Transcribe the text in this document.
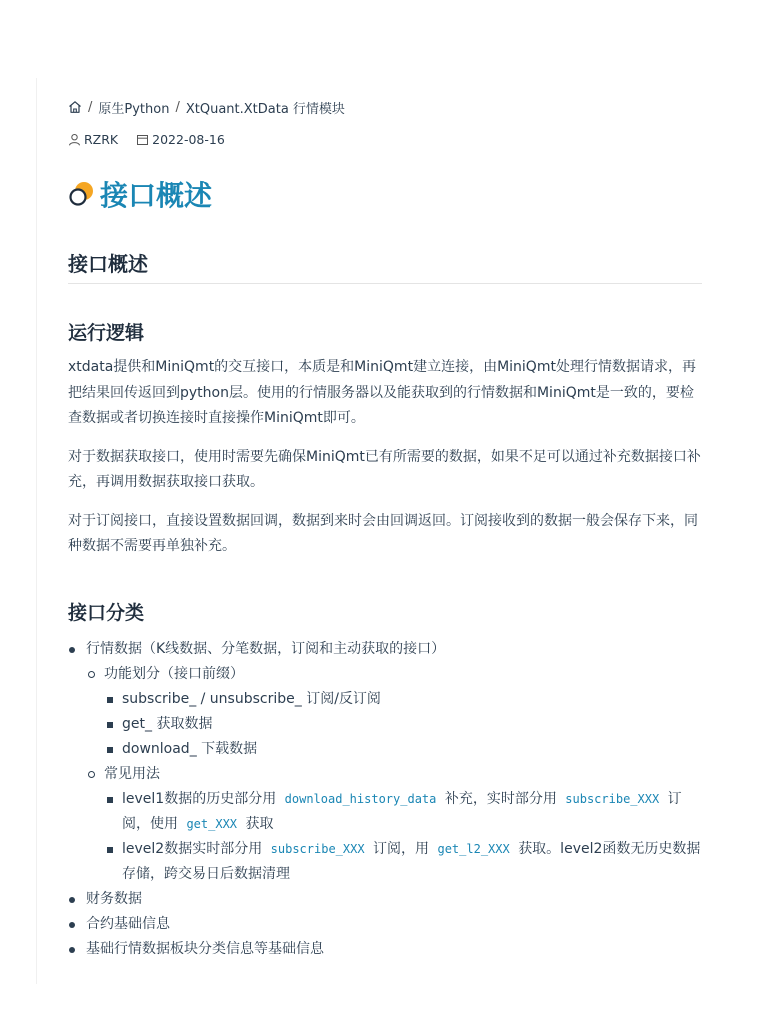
/ 原生Python / XtQuant.XtData 行情模块
RZRK	2022-08-16
接口概述
接口概述
运行逻辑

xtdata提供和MiniQmt的交互接口，本质是和MiniQmt建立连接，由MiniQmt处理行情数据请求，再把结果回传返回到python层。使用的行情服务器以及能获取到的行情数据和MiniQmt是一致的，要检查数据或者切换连接时直接操作MiniQmt即可。

对于数据获取接口，使用时需要先确保MiniQmt已有所需要的数据，如果不足可以通过补充数据接口补充，再调用数据获取接口获取。

对于订阅接口，直接设置数据回调，数据到来时会由回调返回。订阅接收到的数据一般会保存下来，同种数据不需要再单独补充。

接口分类
行情数据（K线数据、分笔数据，订阅和主动获取的接口）
功能划分（接口前缀）
subscribe_ / unsubscribe_ 订阅/反订阅
get_ 获取数据
download_ 下载数据
常见用法
level1数据的历史部分用 download_history_data 补充，实时部分用 subscribe_XXX 订阅，使用 get_XXX 获取
level2数据实时部分用 subscribe_XXX 订阅，用 get_l2_XXX 获取。level2函数无历史数据存储，跨交易日后数据清理
财务数据
合约基础信息
基础行情数据板块分类信息等基础信息
